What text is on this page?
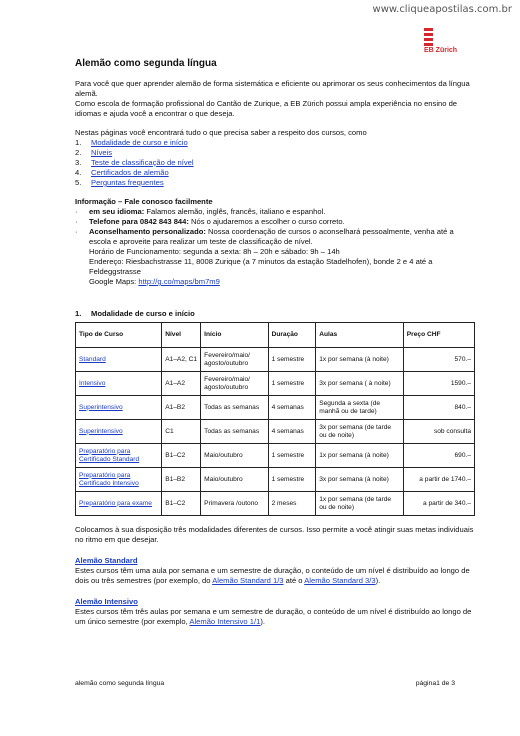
www.cliqueapostilas.com.br
EB Zürich
Alemão como segunda língua

Para você que quer aprender alemão de forma sistemática e eficiente ou aprimorar os seus conhecimentos da língua alemã.

Como escola de formação profissional do Cantão de Zurique, a EB Zürich possui ampla experiência no ensino de idiomas e ajuda você a encontrar o que deseja.

Nestas páginas você encontrará tudo o que precisa saber a respeito dos cursos, como

1.	Modalidade de curso e início
2.	Níveis
3.	Teste de classificação de nível
4.	Certificados de alemão
5.	Perguntas frequentes

Informação – Fale conosco facilmente

·	em seu idioma: Falamos alemão, inglês, francês, italiano e espanhol.
·	Telefone para 0842 843 844: Nós o ajudaremos a escolher o curso correto.
·	Aconselhamento personalizado: Nossa coordenação de cursos o aconselhará pessoalmente, venha até a escola e aproveite para realizar um teste de classificação de nível.

Horário de Funcionamento: segunda a sexta: 8h – 20h e sábado: 9h – 14h

Endereço: Riesbachstrasse 11, 8008 Zurique (a 7 minutos da estação Stadelhofen), bonde 2 e 4 até a Feldeggstrasse

Google Maps: http://g.co/maps/bm7m9

1. Modalidade de curso e início

Tipo de Curso	Nível	Início	Duração	Aulas	Preço CHF
Standard	A1–A2, C1	Fevereiro/maio/ agosto/outubro	1 semestre	1x por semana (à noite)	570.–
Intensivo	A1–A2	Fevereiro/maio/ agosto/outubro	1 semestre	3x por semana ( à noite)	1590.–
Superintensivo	A1–B2	Todas as semanas	4 semanas	Segunda a sexta (de manhã ou de tarde)	840.–
Superintensivo	C1	Todas as semanas	4 semanas	3x por semana (de tarde ou de noite)	sob consulta
Preparatório para Certificado Standard	B1–C2	Maio/outubro	1 semestre	1x por semana (à noite)	690.–
Preparatório para Certificado Intensivo	B1–B2	Maio/outubro	1 semestre	3x por semana (à noite)	a partir de 1740.–
Preparatório para exame	B1–C2	Primavera /outono	2 meses	1x por semana (de tarde ou de noite)	a partir de 340.–

Colocamos à sua disposição três modalidades diferentes de cursos. Isso permite a você atingir suas metas individuais no ritmo em que desejar.

Alemão Standard

Estes cursos têm uma aula por semana e um semestre de duração, o conteúdo de um nível é distribuído ao longo de dois ou três semestres (por exemplo, do Alemão Standard 1/3 até o Alemão Standard 3/3).

Alemão Intensivo

Estes cursos têm três aulas por semana e um semestre de duração, o conteúdo de um nível é distribuído ao longo de um único semestre (por exemplo, Alemão Intensivo 1/1).

alemão como segunda língua	página1 de 3
